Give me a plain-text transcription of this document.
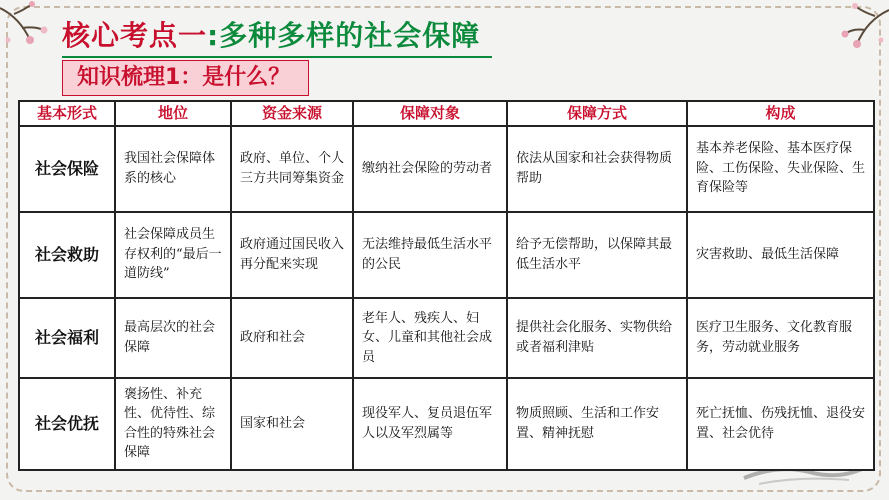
核心考点一:多种多样的社会保障
知识梳理1：是什么？
基本形式	地位	资金来源	保障对象	保障方式	构成
社会保险	我国社会保障体系的核心	政府、单位、个人三方共同筹集资金	缴纳社会保险的劳动者	依法从国家和社会获得物质帮助	基本养老保险、基本医疗保险、工伤保险、失业保险、生育保险等
社会救助	社会保障成员生存权利的“最后一道防线”	政府通过国民收入再分配来实现	无法维持最低生活水平的公民	给予无偿帮助，以保障其最低生活水平	灾害救助、最低生活保障
社会福利	最高层次的社会保障	政府和社会	老年人、残疾人、妇女、儿童和其他社会成员	提供社会化服务、实物供给或者福利津贴	医疗卫生服务、文化教育服务，劳动就业服务
社会优抚	褒扬性、补充性、优待性、综合性的特殊社会保障	国家和社会	现役军人、复员退伍军人以及军烈属等	物质照顾、生活和工作安置、精神抚慰	死亡抚恤、伤残抚恤、退役安置、社会优待
